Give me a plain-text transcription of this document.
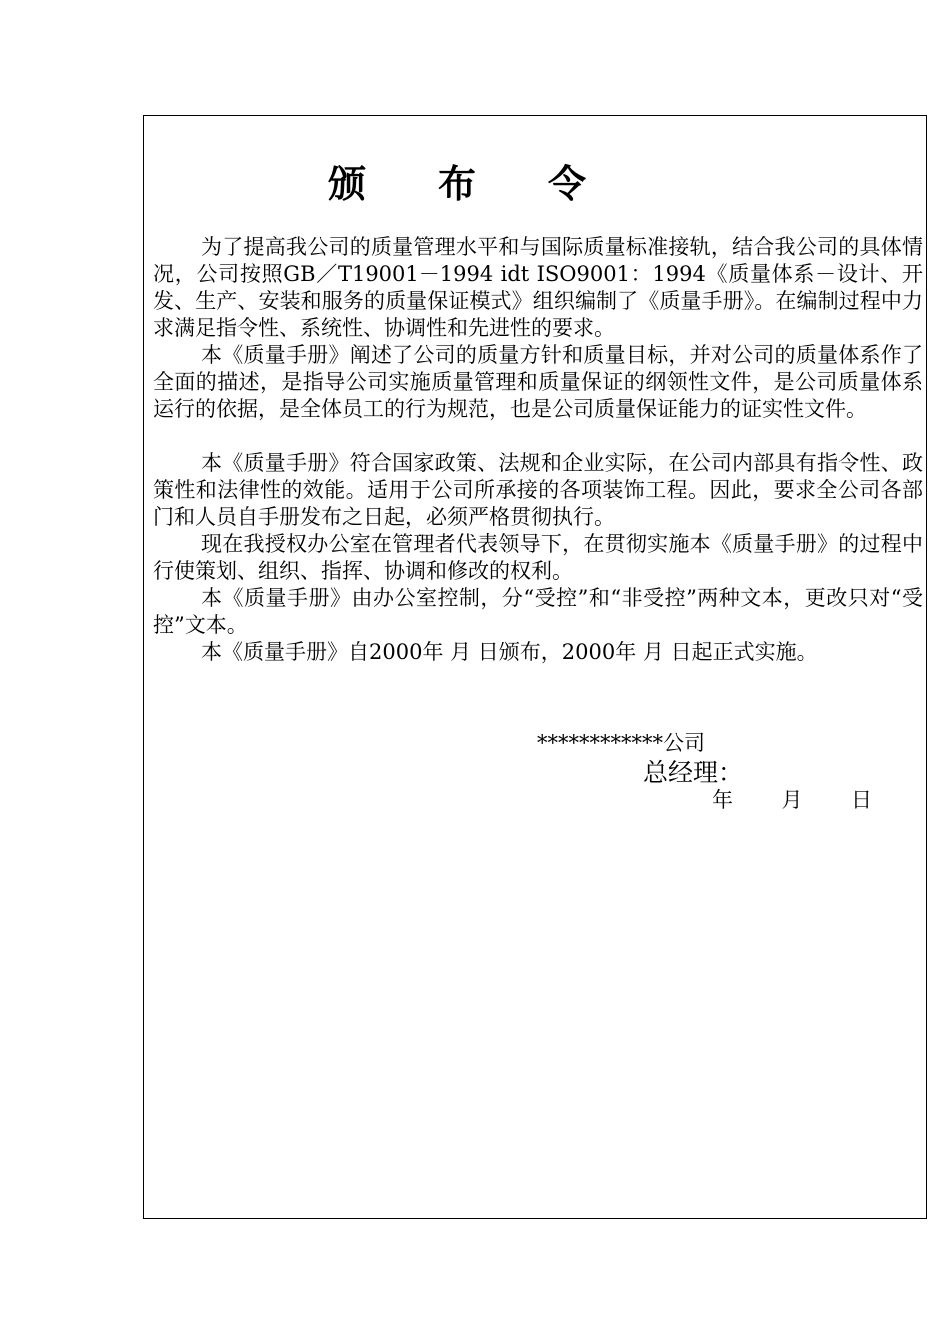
颁布令

为了提高我公司的质量管理水平和与国际质量标准接轨，结合我公司的具体情况，公司按照GB／T19001－1994 idt ISO9001：1994《质量体系－设计、开发、生产、安装和服务的质量保证模式》组织编制了《质量手册》。在编制过程中力求满足指令性、系统性、协调性和先进性的要求。

本《质量手册》阐述了公司的质量方针和质量目标，并对公司的质量体系作了全面的描述，是指导公司实施质量管理和质量保证的纲领性文件，是公司质量体系运行的依据，是全体员工的行为规范，也是公司质量保证能力的证实性文件。

本《质量手册》符合国家政策、法规和企业实际，在公司内部具有指令性、政策性和法律性的效能。适用于公司所承接的各项装饰工程。因此，要求全公司各部门和人员自手册发布之日起，必须严格贯彻执行。

现在我授权办公室在管理者代表领导下，在贯彻实施本《质量手册》的过程中行使策划、组织、指挥、协调和修改的权利。

本《质量手册》由办公室控制，分“受控”和“非受控”两种文本，更改只对“受控”文本。

本《质量手册》自2000年 月 日颁布，2000年 月 日起正式实施。

************公司
总经理：
年 月 日
